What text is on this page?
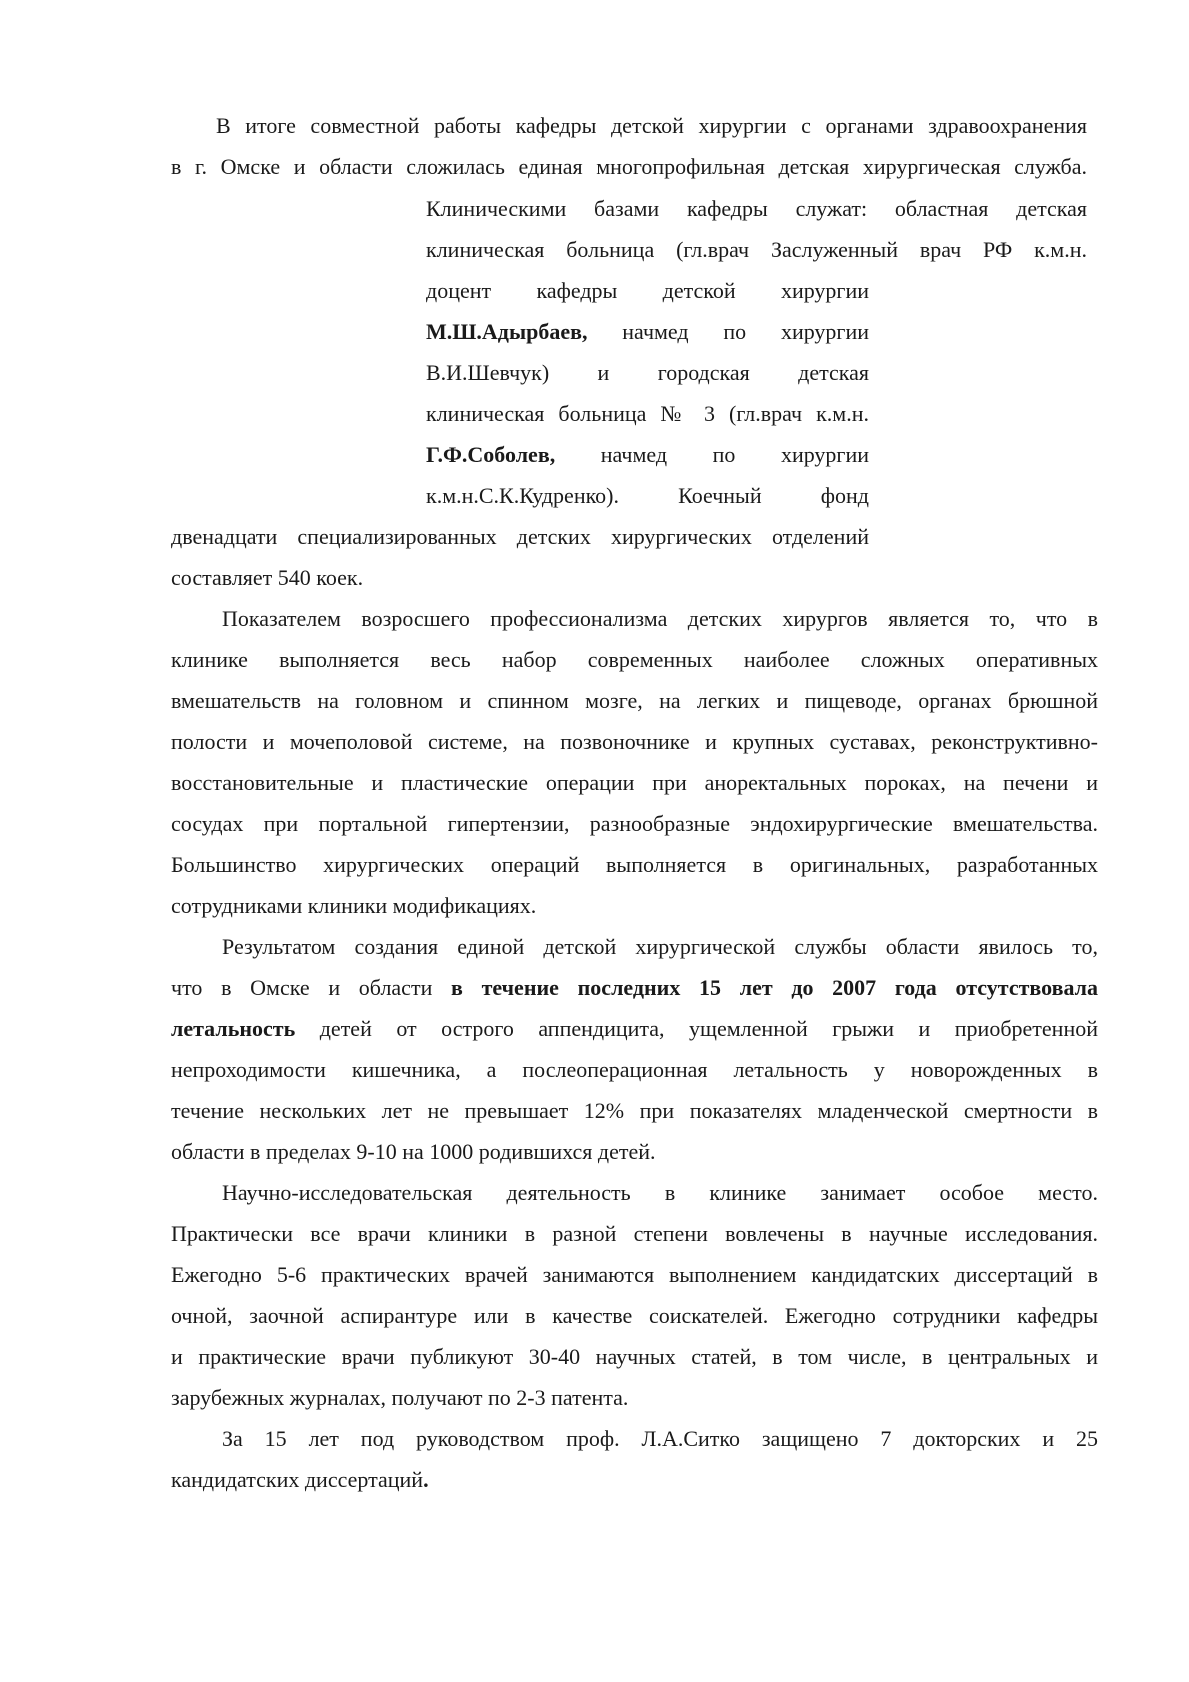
В итоге совместной работы кафедры детской хирургии с органами здравоохранения
в г. Омске и области сложилась единая многопрофильная детская хирургическая служба.
Клиническими базами кафедры служат: областная детская
клиническая больница (гл.врач Заслуженный врач РФ к.м.н.
доцент кафедры детской хирургии
М.Ш.Адырбаев, начмед по хирургии
В.И.Шевчук) и городская детская
клиническая больница № 3 (гл.врач к.м.н.
Г.Ф.Соболев, начмед по хирургии
к.м.н.С.К.Кудренко). Коечный фонд
двенадцати специализированных детских хирургических отделений
составляет 540 коек.
Показателем возросшего профессионализма детских хирургов является то, что в
клинике выполняется весь набор современных наиболее сложных оперативных
вмешательств на головном и спинном мозге, на легких и пищеводе, органах брюшной
полости и мочеполовой системе, на позвоночнике и крупных суставах, реконструктивно-
восстановительные и пластические операции при аноректальных пороках, на печени и
сосудах при портальной гипертензии, разнообразные эндохирургические вмешательства.
Большинство хирургических операций выполняется в оригинальных, разработанных
сотрудниками клиники модификациях.
Результатом создания единой детской хирургической службы области явилось то,
что в Омске и области в течение последних 15 лет до 2007 года отсутствовала
летальность детей от острого аппендицита, ущемленной грыжи и приобретенной
непроходимости кишечника, а послеоперационная летальность у новорожденных в
течение нескольких лет не превышает 12% при показателях младенческой смертности в
области в пределах 9-10 на 1000 родившихся детей.
Научно-исследовательская деятельность в клинике занимает особое место.
Практически все врачи клиники в разной степени вовлечены в научные исследования.
Ежегодно 5-6 практических врачей занимаются выполнением кандидатских диссертаций в
очной, заочной аспирантуре или в качестве соискателей. Ежегодно сотрудники кафедры
и практические врачи публикуют 30-40 научных статей, в том числе, в центральных и
зарубежных журналах, получают по 2-3 патента.
За 15 лет под руководством проф. Л.А.Ситко защищено 7 докторских и 25
кандидатских диссертаций.
